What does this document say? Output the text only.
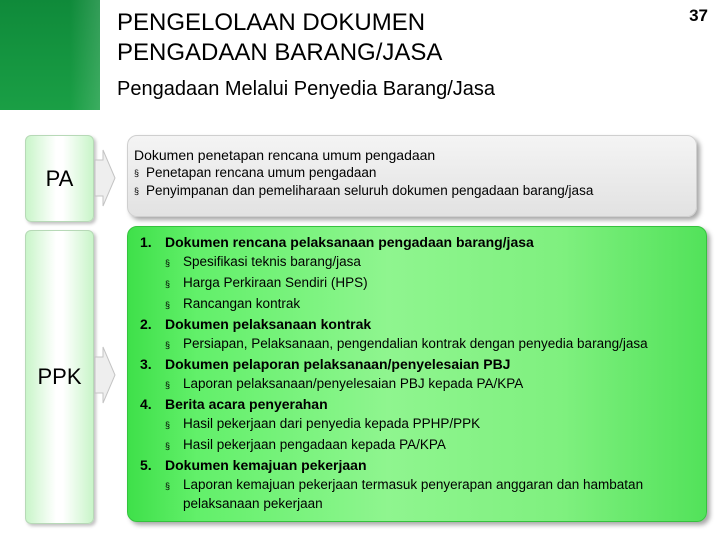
PENGELOLAAN DOKUMEN
PENGADAAN BARANG/JASA
Pengadaan Melalui Penyedia Barang/Jasa
37
PA
PPK
Dokumen penetapan rencana umum pengadaan
§ Penetapan rencana umum pengadaan
§ Penyimpanan dan pemeliharaan seluruh dokumen pengadaan barang/jasa
1. Dokumen rencana pelaksanaan pengadaan barang/jasa
§ Spesifikasi teknis barang/jasa
§ Harga Perkiraan Sendiri (HPS)
§ Rancangan kontrak
2. Dokumen pelaksanaan kontrak
§ Persiapan, Pelaksanaan, pengendalian kontrak dengan penyedia barang/jasa
3. Dokumen pelaporan pelaksanaan/penyelesaian PBJ
§ Laporan pelaksanaan/penyelesaian PBJ kepada PA/KPA
4. Berita acara penyerahan
§ Hasil pekerjaan dari penyedia kepada PPHP/PPK
§ Hasil pekerjaan pengadaan kepada PA/KPA
5. Dokumen kemajuan pekerjaan
§ Laporan kemajuan pekerjaan termasuk penyerapan anggaran dan hambatan pelaksanaan pekerjaan
